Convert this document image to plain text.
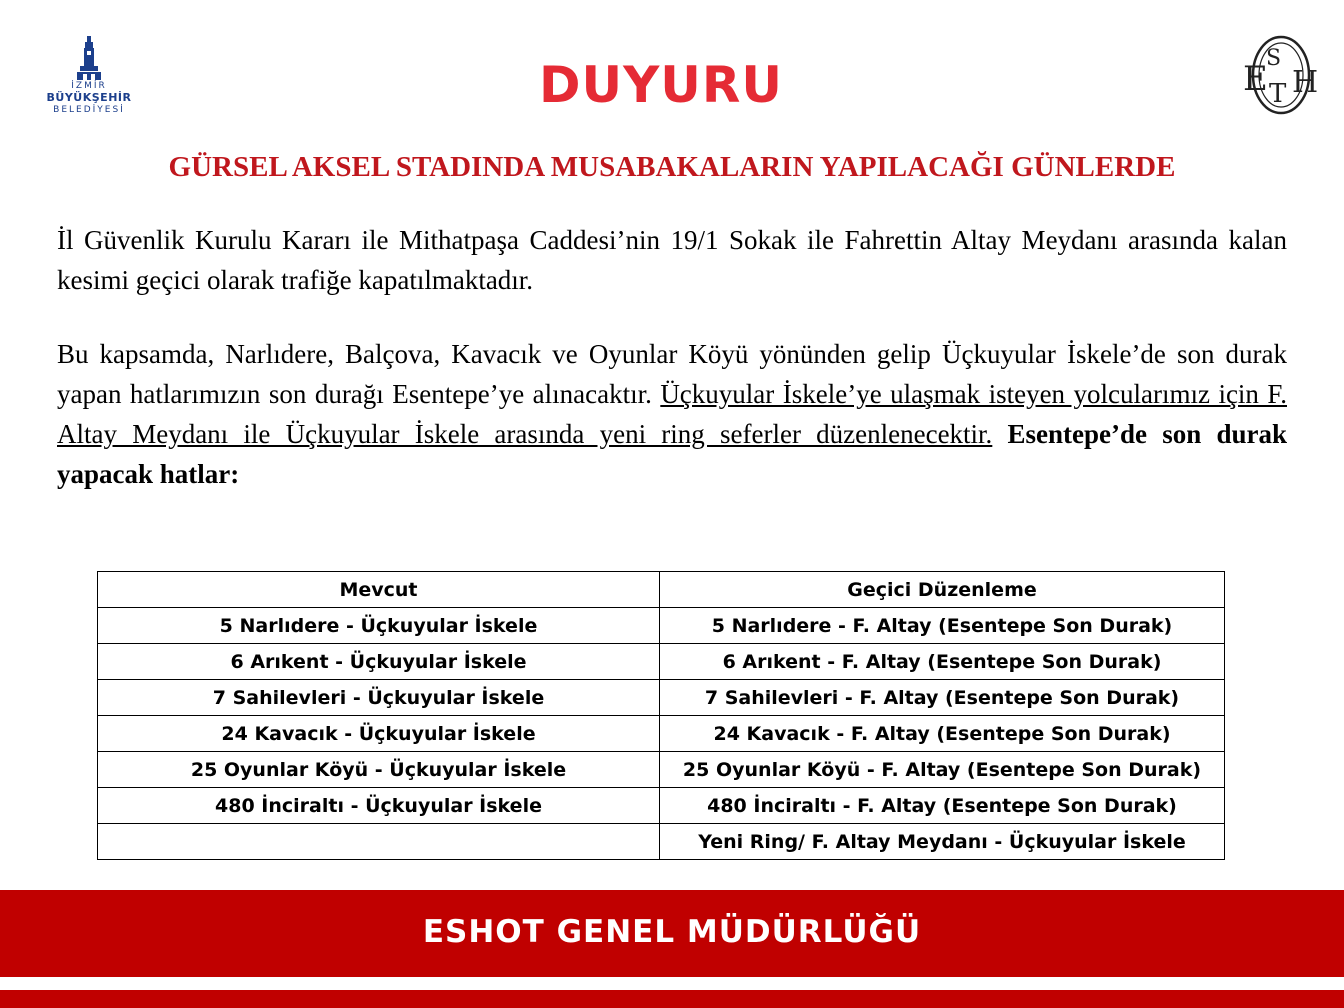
İZMİR
BÜYÜKŞEHİR
BELEDİYESİ
E
S
T H
DUYURU
GÜRSEL AKSEL STADINDA MUSABAKALARIN YAPILACAĞI GÜNLERDE
İl Güvenlik Kurulu Kararı ile Mithatpaşa Caddesi’nin 19/1 Sokak ile Fahrettin Altay Meydanı arasında kalan kesimi geçici olarak trafiğe kapatılmaktadır.
Bu kapsamda, Narlıdere, Balçova, Kavacık ve Oyunlar Köyü yönünden gelip Üçkuyular İskele’de son durak yapan hatlarımızın son durağı Esentepe’ye alınacaktır. Üçkuyular İskele’ye ulaşmak isteyen yolcularımız için F. Altay Meydanı ile Üçkuyular İskele arasında yeni ring seferler düzenlenecektir. Esentepe’de son durak yapacak hatlar:
Mevcut	Geçici Düzenleme
5 Narlıdere - Üçkuyular İskele	5 Narlıdere - F. Altay (Esentepe Son Durak)
6 Arıkent - Üçkuyular İskele	6 Arıkent - F. Altay (Esentepe Son Durak)
7 Sahilevleri - Üçkuyular İskele	7 Sahilevleri - F. Altay (Esentepe Son Durak)
24 Kavacık - Üçkuyular İskele	24 Kavacık - F. Altay (Esentepe Son Durak)
25 Oyunlar Köyü - Üçkuyular İskele	25 Oyunlar Köyü - F. Altay (Esentepe Son Durak)
480 İnciraltı - Üçkuyular İskele	480 İnciraltı - F. Altay (Esentepe Son Durak)
	Yeni Ring/ F. Altay Meydanı - Üçkuyular İskele
ESHOT GENEL MÜDÜRLÜĞÜ
